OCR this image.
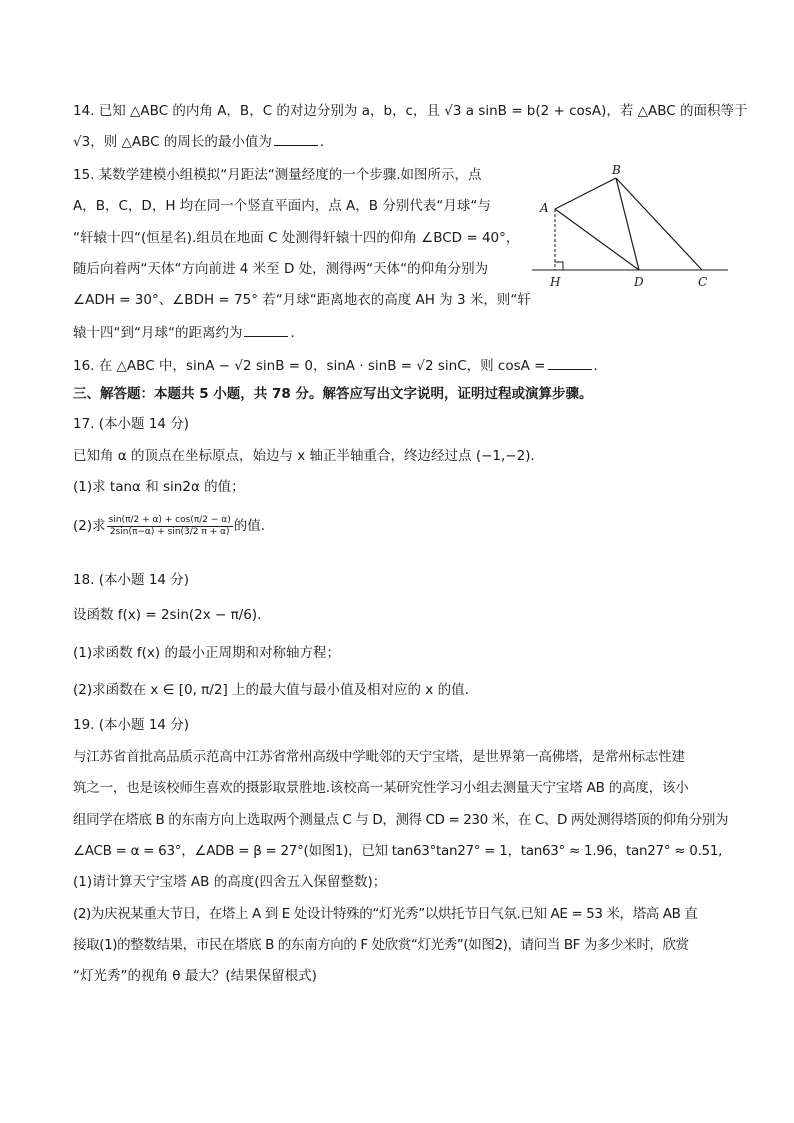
14. 已知 △ABC 的内角 A，B，C 的对边分别为 a，b，c，且 √3 a sinB = b(2 + cosA)，若 △ABC 的面积等于
√3，则 △ABC 的周长的最小值为	．
15. 某数学建模小组模拟“月距法“测量经度的一个步骤.如图所示，点
A，B，C，D，H 均在同一个竖直平面内，点 A，B 分别代表“月球“与
“轩辕十四“(恒星名).组员在地面 C 处测得轩辕十四的仰角 ∠BCD = 40°，
随后向着两“天体“方向前进 4 米至 D 处，测得两“天体“的仰角分别为
∠ADH = 30°、∠BDH = 75° 若“月球“距离地衣的高度 AH 为 3 米，则“轩
辕十四“到“月球“的距离约为	．
A
B
H	D	C
16. 在 △ABC 中，sinA − √2 sinB = 0，sinA · sinB = √2 sinC，则 cosA =	．
三、解答题：本题共 5 小题，共 78 分。解答应写出文字说明，证明过程或演算步骤。
17. (本小题 14 分)
已知角 α 的顶点在坐标原点，始边与 x 轴正半轴重合，终边经过点 (−1,−2)．
(1)求 tanα 和 sin2α 的值；
(2)求 $\frac{\sin(\pi/2 + \alpha) + \cos(\pi/2 - \alpha)}{2\sin(\pi-\alpha) + \sin(3/2 \pi + \alpha)}$ 的值．
18. (本小题 14 分)
设函数 f(x) = 2sin(2x − π/6)．
(1)求函数 f(x) 的最小正周期和对称轴方程；
(2)求函数在 x ∈ [0, π/2] 上的最大值与最小值及相对应的 x 的值．
19. (本小题 14 分)
与江苏省首批高品质示范高中江苏省常州高级中学毗邻的天宁宝塔，是世界第一高佛塔，是常州标志性建
筑之一，也是该校师生喜欢的摄影取景胜地.该校高一某研究性学习小组去测量天宁宝塔 AB 的高度，该小
组同学在塔底 B 的东南方向上选取两个测量点 C 与 D，测得 CD = 230 米，在 C、D 两处测得塔顶的仰角分别为
∠ACB = α = 63°，∠ADB = β = 27°(如图1)，已知 tan63°tan27° = 1，tan63° ≈ 1.96，tan27° ≈ 0.51,
(1)请计算天宁宝塔 AB 的高度(四舍五入保留整数)；
(2)为庆祝某重大节日，在塔上 A 到 E 处设计特殊的“灯光秀”以烘托节日气氛.已知 AE = 53 米，塔高 AB 直
接取(1)的整数结果，市民在塔底 B 的东南方向的 F 处欣赏“灯光秀”(如图2)，请问当 BF 为多少米时，欣赏
“灯光秀”的视角 θ 最大？(结果保留根式)
